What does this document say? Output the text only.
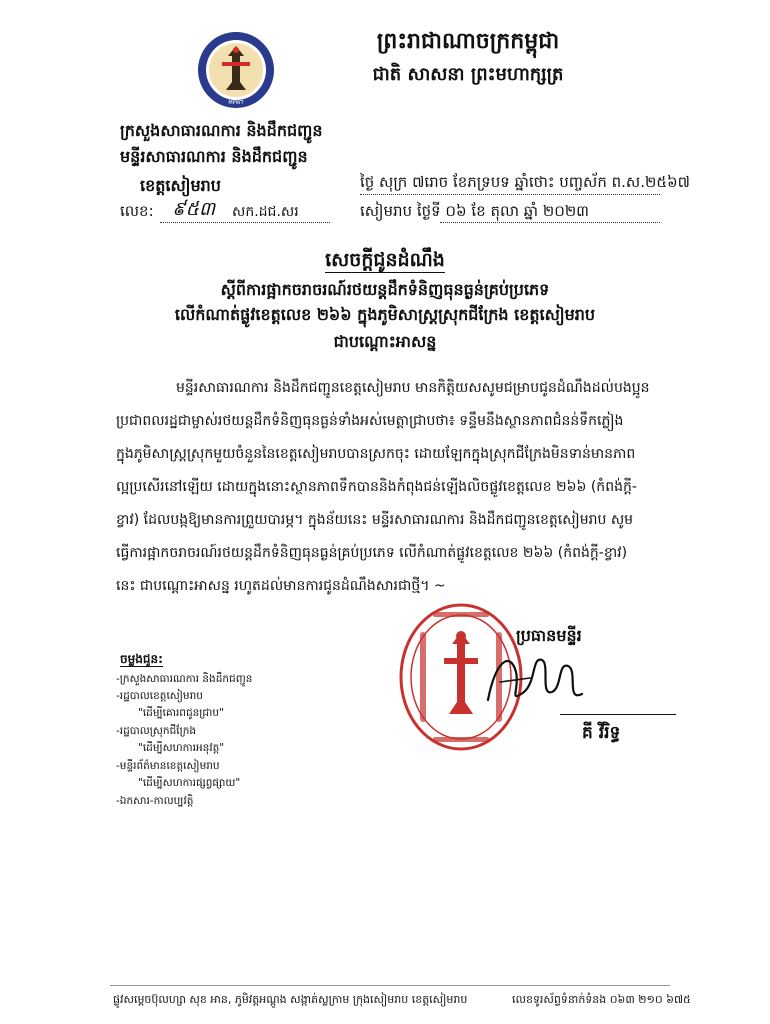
MPWT
ព្រះរាជាណាចក្រកម្ពុជា
ជាតិ សាសនា ព្រះមហាក្សត្រ
ក្រសួងសាធារណការ និងដឹកជញ្ជូន
មន្ទីរសាធារណការ និងដឹកជញ្ជូន
ខេត្តសៀមរាប
លេខ: ៩៥៣ សក.ដជ.សរ
ថ្ងៃ សុក្រ ៧រោច ខែភទ្របទ ឆ្នាំថោះ បញ្ចស័ក ព.ស.២៥៦៧
សៀមរាប ថ្ងៃទី ០៦ ខែ តុលា ឆ្នាំ ២០២៣
សេចក្តីជូនដំណឹង
ស្តីពីការផ្អាកចរាចរណ៍រថយន្តដឹកទំនិញធុនធ្ងន់គ្រប់ប្រភេទ
លើកំណាត់ផ្លូវខេត្តលេខ ២៦៦ ក្នុងភូមិសាស្ត្រស្រុកជីក្រែង ខេត្តសៀមរាប
ជាបណ្តោះអាសន្ន
មន្ទីរសាធារណការ និងដឹកជញ្ជូនខេត្តសៀមរាប មានកិត្តិយសសូមជម្រាបជូនដំណឹងដល់បងប្អូន
ប្រជាពលរដ្ឋជាម្ចាស់រថយន្តដឹកទំនិញធុនធ្ងន់ទាំងអស់មេត្តាជ្រាបថា៖ ទន្ទឹមនឹងស្ថានភាពជំនន់ទឹកភ្លៀង
ក្នុងភូមិសាស្ត្រស្រុកមួយចំនួននៃខេត្តសៀមរាបបានស្រកចុះ ដោយឡែកក្នុងស្រុកជីក្រែងមិនទាន់មានភាព
ល្អប្រសើរនៅឡើយ ដោយក្នុងនោះស្ថានភាពទឹកបាននិងកំពុងជន់ឡើងលិចផ្លូវខេត្តលេខ ២៦៦ (កំពង់ក្តី-
ខ្វាវ) ដែលបង្កឱ្យមានការព្រួយបារម្ភ។ ក្នុងន័យនេះ មន្ទីរសាធារណការ និងដឹកជញ្ជូនខេត្តសៀមរាប សូម
ធ្វើការផ្អាកចរាចរណ៍រថយន្តដឹកទំនិញធុនធ្ងន់គ្រប់ប្រភេទ លើកំណាត់ផ្លូវខេត្តលេខ ២៦៦ (កំពង់ក្តី-ខ្វាវ)
នេះ ជាបណ្តោះអាសន្ន រហូតដល់មានការជូនដំណឹងសារជាថ្មី។ ~
ចម្លងជូន:
-ក្រសួងសាធារណការ និងដឹកជញ្ជូន
-រដ្ឋបាលខេត្តសៀមរាប
"ដើម្បីគោរពជូនជ្រាប"
-រដ្ឋបាលស្រុកជីក្រែង
"ដើម្បីសហការអនុវត្ត"
-មន្ទីរព័ត៌មានខេត្តសៀមរាប
"ដើម្បីសហការផ្សព្វផ្សាយ"
-ឯកសារ-កាលប្បវត្តិ
ប្រធានមន្ទីរ
គី វីរិទ្ធ
ផ្លូវសម្តេចប៊ុលហ្សា សុខ អាន, ភូមិវត្តអណ្តូង សង្កាត់ស្លក្រាម ក្រុងសៀមរាប ខេត្តសៀមរាប	លេខទូរស័ព្ទទំនាក់ទំនង ០៦៣ ២១០ ៦៧៥
